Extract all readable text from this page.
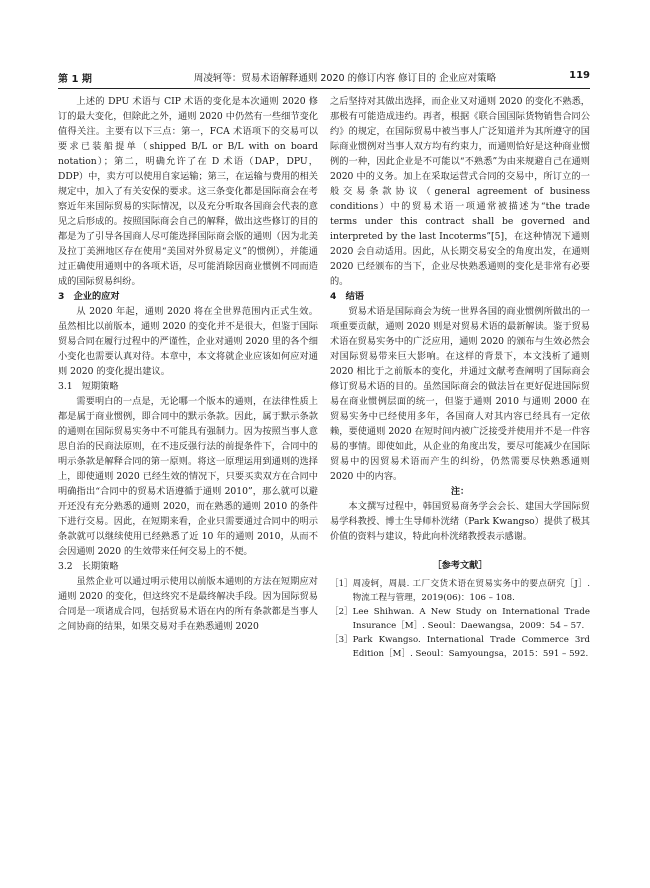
第 1 期	周凌轲等：贸易术语解释通则 2020 的修订内容 修订目的 企业应对策略	119

上述的 DPU 术语与 CIP 术语的变化是本次通则 2020 修订的最大变化，但除此之外，通则 2020 中仍然有一些细节变化值得关注。主要有以下三点：第一，FCA 术语项下的交易可以要求已装船提单（shipped B/L or B/L with on board notation）；第二，明确允许了在 D 术语（DAP，DPU，DDP）中，卖方可以使用自家运输；第三，在运输与费用的相关规定中，加入了有关安保的要求。这三条变化都是国际商会在考察近年来国际贸易的实际情况，以及充分听取各国商会代表的意见之后形成的。按照国际商会自己的解释，做出这些修订的目的都是为了引导各国商人尽可能选择国际商会版的通则（因为北美及拉丁美洲地区存在使用“美国对外贸易定义”的惯例），并能通过正确使用通则中的各项术语，尽可能消除因商业惯例不同而造成的国际贸易纠纷。

3　企业的应对

从 2020 年起，通则 2020 将在全世界范围内正式生效。虽然相比以前版本，通则 2020 的变化并不是很大，但鉴于国际贸易合同在履行过程中的严谨性，企业对通则 2020 里的各个细小变化也需要认真对待。本章中，本文将就企业应该如何应对通则 2020 的变化提出建议。

3.1　短期策略

需要明白的一点是，无论哪一个版本的通则，在法律性质上都是属于商业惯例，即合同中的默示条款。因此，属于默示条款的通则在国际贸易实务中不可能具有强制力。因为按照当事人意思自治的民商法原则，在不违反强行法的前提条件下，合同中的明示条款是解释合同的第一原则。将这一原理运用到通则的选择上，即使通则 2020 已经生效的情况下，只要买卖双方在合同中明确指出“合同中的贸易术语遵循于通则 2010”，那么就可以避开还没有充分熟悉的通则 2020，而在熟悉的通则 2010 的条件下进行交易。因此，在短期来看，企业只需要通过合同中的明示条款就可以继续使用已经熟悉了近 10 年的通则 2010，从而不会因通则 2020 的生效带来任何交易上的不便。

3.2　长期策略

虽然企业可以通过明示使用以前版本通则的方法在短期应对通则 2020 的变化，但这终究不是最终解决手段。因为国际贸易合同是一项诸成合同，包括贸易术语在内的所有条款都是当事人之间协商的结果，如果交易对手在熟悉通则 2020

之后坚持对其做出选择，而企业又对通则 2020 的变化不熟悉，那极有可能造成违约。再者，根据《联合国国际货物销售合同公约》的规定，在国际贸易中被当事人广泛知道并为其所遵守的国际商业惯例对当事人双方均有约束力，而通则恰好是这种商业惯例的一种，因此企业是不可能以“不熟悉”为由来规避自己在通则 2020 中的义务。加上在采取运营式合同的交易中，所订立的一般交易条款协议（general agreement of business conditions）中的贸易术语一项通常被描述为“the trade terms under this contract shall be governed and interpreted by the last Incoterms”[5]，在这种情况下通则 2020 会自动适用。因此，从长期交易安全的角度出发，在通则 2020 已经颁布的当下，企业尽快熟悉通则的变化是非常有必要的。

4　结语

贸易术语是国际商会为统一世界各国的商业惯例所做出的一项重要贡献，通则 2020 则是对贸易术语的最新解读。鉴于贸易术语在贸易实务中的广泛应用，通则 2020 的颁布与生效必然会对国际贸易带来巨大影响。在这样的背景下，本文浅析了通则 2020 相比于之前版本的变化，并通过文献考查阐明了国际商会修订贸易术语的目的。虽然国际商会的做法旨在更好促进国际贸易在商业惯例层面的统一，但鉴于通则 2010 与通则 2000 在贸易实务中已经使用多年，各国商人对其内容已经具有一定依赖，要使通则 2020 在短时间内被广泛接受并使用并不是一件容易的事情。即使如此，从企业的角度出发，要尽可能减少在国际贸易中的因贸易术语而产生的纠纷，仍然需要尽快熟悉通则 2020 中的内容。

注：

本文撰写过程中，韩国贸易商务学会会长、建国大学国际贸易学科教授、博士生导师朴洸绪（Park Kwangso）提供了极其价值的资料与建议，特此向朴洸绪教授表示感谢。

［参考文献］
［1］ 周凌轲，周晨. 工厂交货术语在贸易实务中的要点研究［J］. 物流工程与管理，2019(06)：106 – 108.
［2］ Lee Shihwan. A New Study on International Trade Insurance［M］. Seoul：Daewangsa，2009：54 – 57.
［3］ Park Kwangso. International Trade Commerce 3rd Edition［M］. Seoul：Samyoungsa，2015：591 – 592.
